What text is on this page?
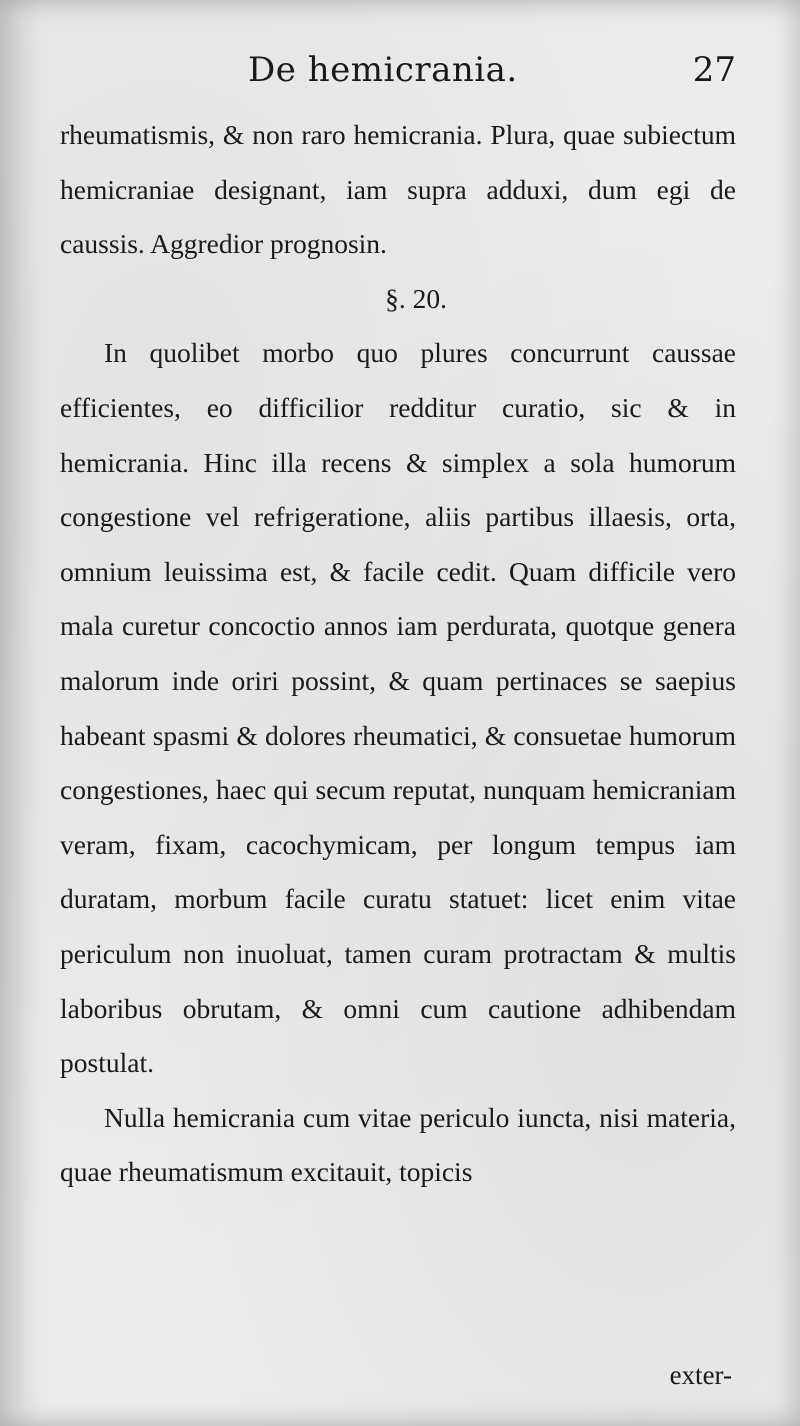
De hemicrania.	27

rheumatismis, & non raro hemicrania. Plura, quae subiectum hemicraniae designant, iam supra adduxi, dum egi de caussis. Aggredior prognosin.

§. 20.

In quolibet morbo quo plures concurrunt caussae efficientes, eo difficilior redditur curatio, sic & in hemicrania. Hinc illa recens & simplex a sola humorum congestione vel refrigeratione, aliis partibus illaesis, orta, omnium leuissima est, & facile cedit. Quam difficile vero mala curetur concoctio annos iam perdurata, quotque genera malorum inde oriri possint, & quam pertinaces se saepius habeant spasmi & dolores rheumatici, & consuetae humorum congestiones, haec qui secum reputat, nunquam hemicraniam veram, fixam, cacochymicam, per longum tempus iam duratam, morbum facile curatu statuet: licet enim vitae periculum non inuoluat, tamen curam protractam & multis laboribus obrutam, & omni cum cautione adhibendam postulat.

Nulla hemicrania cum vitae periculo iuncta, nisi materia, quae rheumatismum excitauit, topicis

exter-
